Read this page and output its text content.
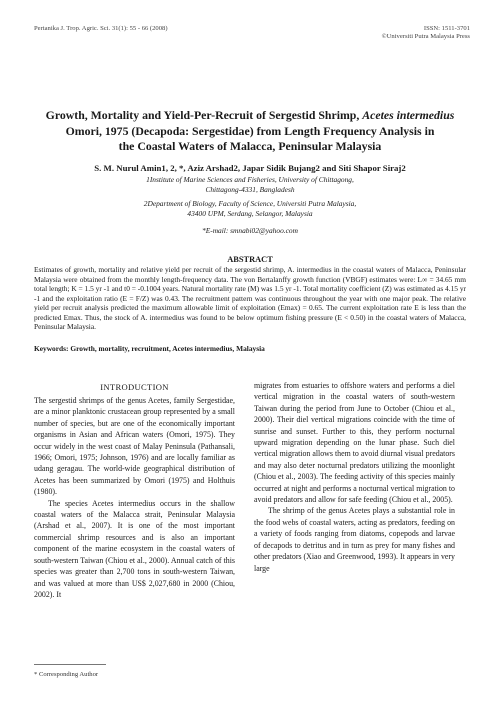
Pertanika J. Trop. Agric. Sci. 31(1): 55 - 66 (2008)	ISSN: 1511-3701
©Universiti Putra Malaysia Press
Growth, Mortality and Yield-Per-Recruit of Sergestid Shrimp, Acetes intermedius
Omori, 1975 (Decapoda: Sergestidae) from Length Frequency Analysis in
the Coastal Waters of Malacca, Peninsular Malaysia
S. M. Nurul Amin1, 2, *, Aziz Arshad2, Japar Sidik Bujang2 and Siti Shapor Siraj2
1Institute of Marine Sciences and Fisheries, University of Chittagong,
Chittagong-4331, Bangladesh
2Department of Biology, Faculty of Science, Universiti Putra Malaysia,
43400 UPM, Serdang, Selangor, Malaysia
*E-mail: smnabi02@yahoo.com
ABSTRACT
Estimates of growth, mortality and relative yield per recruit of the sergestid shrimp, A. intermedius in the coastal waters of Malacca, Peninsular Malaysia were obtained from the monthly length-frequency data. The von Bertalanffy growth function (VBGF) estimates were: L∞ = 34.65 mm total length; K = 1.5 yr -1 and t0 = -0.1004 years. Natural mortality rate (M) was 1.5 yr -1. Total mortality coefficient (Z) was estimated as 4.15 yr -1 and the exploitation ratio (E = F/Z) was 0.43. The recruitment pattern was continuous throughout the year with one major peak. The relative yield per recruit analysis predicted the maximum allowable limit of exploitation (Emax) = 0.65. The current exploitation rate E is less than the predicted Emax. Thus, the stock of A. intermedius was found to be below optimum fishing pressure (E < 0.50) in the coastal waters of Malacca, Peninsular Malaysia.
Keywords: Growth, mortality, recruitment, Acetes intermedius, Malaysia
INTRODUCTION

The sergestid shrimps of the genus Acetes, family Sergestidae, are a minor planktonic crustacean group represented by a small number of species, but are one of the economically important organisms in Asian and African waters (Omori, 1975). They occur widely in the west coast of Malay Peninsula (Pathansali, 1966; Omori, 1975; Johnson, 1976) and are locally familiar as udang geragau. The world-wide geographical distribution of Acetes has been summarized by Omori (1975) and Holthuis (1980).

The species Acetes intermedius occurs in the shallow coastal waters of the Malacca strait, Peninsular Malaysia (Arshad et al., 2007). It is one of the most important commercial shrimp resources and is also an important component of the marine ecosystem in the coastal waters of south-western Taiwan (Chiou et al., 2000). Annual catch of this species was greater than 2,700 tons in south-western Taiwan, and was valued at more than US$ 2,027,680 in 2000 (Chiou, 2002). It

migrates from estuaries to offshore waters and performs a diel vertical migration in the coastal waters of south-western Taiwan during the period from June to October (Chiou et al., 2000). Their diel vertical migrations coincide with the time of sunrise and sunset. Further to this, they perform nocturnal upward migration depending on the lunar phase. Such diel vertical migration allows them to avoid diurnal visual predators and may also deter nocturnal predators utilizing the moonlight (Chiou et al., 2003). The feeding activity of this species mainly occurred at night and performs a nocturnal vertical migration to avoid predators and allow for safe feeding (Chiou et al., 2005).

The shrimp of the genus Acetes plays a substantial role in the food webs of coastal waters, acting as predators, feeding on a variety of foods ranging from diatoms, copepods and larvae of decapods to detritus and in turn as prey for many fishes and other predators (Xiao and Greenwood, 1993). It appears in very large

* Corresponding Author
